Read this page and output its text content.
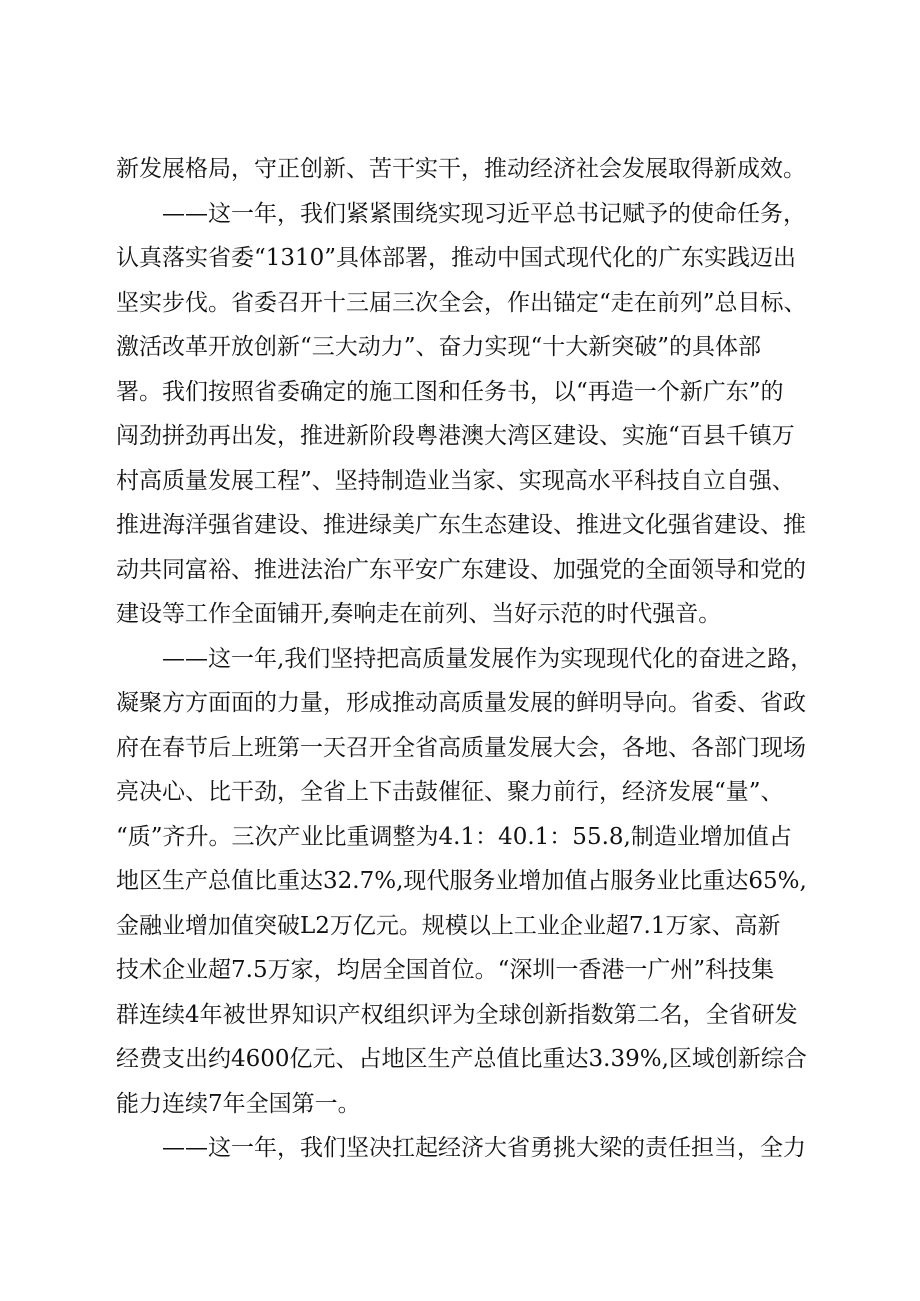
新发展格局，守正创新、苦干实干，推动经济社会发展取得新成效。
——这一年，我们紧紧围绕实现习近平总书记赋予的使命任务，
认真落实省委“1310”具体部署，推动中国式现代化的广东实践迈出
坚实步伐。省委召开十三届三次全会，作出锚定“走在前列”总目标、
激活改革开放创新“三大动力”、奋力实现“十大新突破”的具体部
署。我们按照省委确定的施工图和任务书，以“再造一个新广东”的
闯劲拼劲再出发，推进新阶段粤港澳大湾区建设、实施“百县千镇万
村高质量发展工程”、坚持制造业当家、实现高水平科技自立自强、
推进海洋强省建设、推进绿美广东生态建设、推进文化强省建设、推
动共同富裕、推进法治广东平安广东建设、加强党的全面领导和党的
建设等工作全面铺开,奏响走在前列、当好示范的时代强音。
——这一年,我们坚持把高质量发展作为实现现代化的奋进之路，
凝聚方方面面的力量，形成推动高质量发展的鲜明导向。省委、省政
府在春节后上班第一天召开全省高质量发展大会，各地、各部门现场
亮决心、比干劲，全省上下击鼓催征、聚力前行，经济发展“量”、
“质”齐升。三次产业比重调整为4.1：40.1：55.8,制造业增加值占
地区生产总值比重达32.7%,现代服务业增加值占服务业比重达65%,
金融业增加值突破L2万亿元。规模以上工业企业超7.1万家、高新
技术企业超7.5万家，均居全国首位。“深圳一香港一广州”科技集
群连续4年被世界知识产权组织评为全球创新指数第二名，全省研发
经费支出约4600亿元、占地区生产总值比重达3.39%,区域创新综合
能力连续7年全国第一。
——这一年，我们坚决扛起经济大省勇挑大梁的责任担当，全力
